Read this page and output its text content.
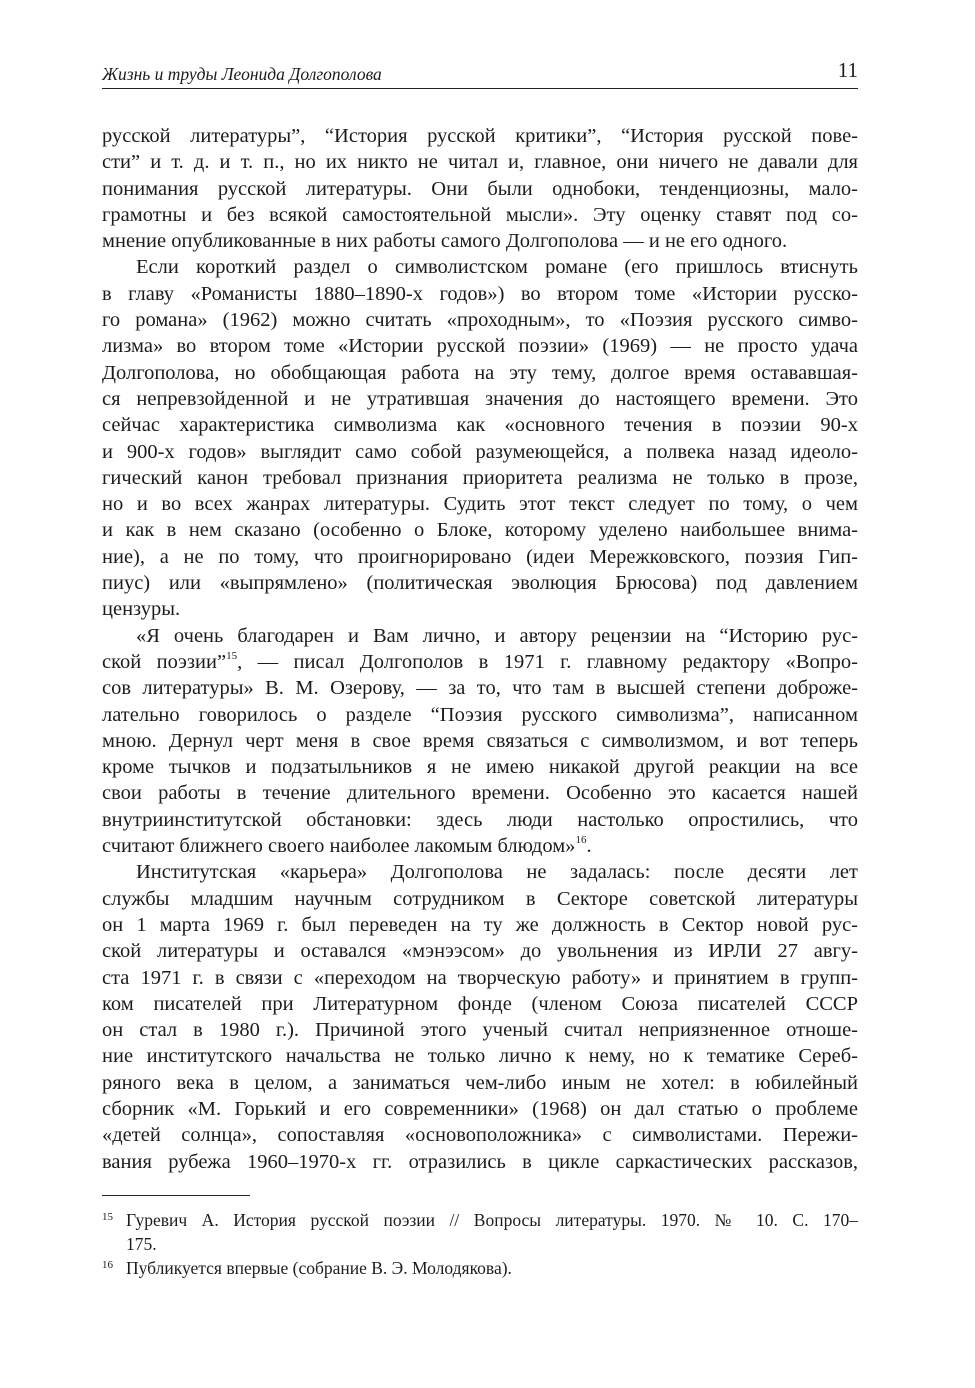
Жизнь и труды Леонида Долгополова	11
русской литературы”, “История русской критики”, “История русской пове-
сти” и т. д. и т. п., но их никто не читал и, главное, они ничего не давали для
понимания русской литературы. Они были однобоки, тенденциозны, мало-
грамотны и без всякой самостоятельной мысли». Эту оценку ставят под со-
мнение опубликованные в них работы самого Долгополова — и не его одного.
Если короткий раздел о символистском романе (его пришлось втиснуть
в главу «Романисты 1880–1890-х годов») во втором томе «Истории русско-
го романа» (1962) можно считать «проходным», то «Поэзия русского симво-
лизма» во втором томе «Истории русской поэзии» (1969) — не просто удача
Долгополова, но обобщающая работа на эту тему, долгое время остававшая-
ся непревзойденной и не утратившая значения до настоящего времени. Это
сейчас характеристика символизма как «основного течения в поэзии 90-х
и 900-х годов» выглядит само собой разумеющейся, а полвека назад идеоло-
гический канон требовал признания приоритета реализма не только в прозе,
но и во всех жанрах литературы. Судить этот текст следует по тому, о чем
и как в нем сказано (особенно о Блоке, которому уделено наибольшее внима-
ние), а не по тому, что проигнорировано (идеи Мережковского, поэзия Гип-
пиус) или «выпрямлено» (политическая эволюция Брюсова) под давлением
цензуры.
«Я очень благодарен и Вам лично, и автору рецензии на “Историю рус-
ской поэзии”$^{15}$, — писал Долгополов в 1971 г. главному редактору «Вопро-
сов литературы» В. М. Озерову, — за то, что там в высшей степени доброже-
лательно говорилось о разделе “Поэзия русского символизма”, написанном
мною. Дернул черт меня в свое время связаться с символизмом, и вот теперь
кроме тычков и подзатыльников я не имею никакой другой реакции на все
свои работы в течение длительного времени. Особенно это касается нашей
внутриинститутской обстановки: здесь люди настолько опростились, что
считают ближнего своего наиболее лакомым блюдом»$^{16}$.
Институтская «карьера» Долгополова не задалась: после десяти лет
службы младшим научным сотрудником в Секторе советской литературы
он 1 марта 1969 г. был переведен на ту же должность в Сектор новой рус-
ской литературы и оставался «мэнээсом» до увольнения из ИРЛИ 27 авгу-
ста 1971 г. в связи с «переходом на творческую работу» и принятием в групп-
ком писателей при Литературном фонде (членом Союза писателей СССР
он стал в 1980 г.). Причиной этого ученый считал неприязненное отноше-
ние институтского начальства не только лично к нему, но к тематике Сереб-
ряного века в целом, а заниматься чем-либо иным не хотел: в юбилейный
сборник «М. Горький и его современники» (1968) он дал статью о проблеме
«детей солнца», сопоставляя «основоположника» с символистами. Пережи-
вания рубежа 1960–1970-х гг. отразились в цикле саркастических рассказов,
15 Гуревич А. История русской поэзии // Вопросы литературы. 1970. № 10. С. 170–
175.
16 Публикуется впервые (собрание В. Э. Молодякова).
